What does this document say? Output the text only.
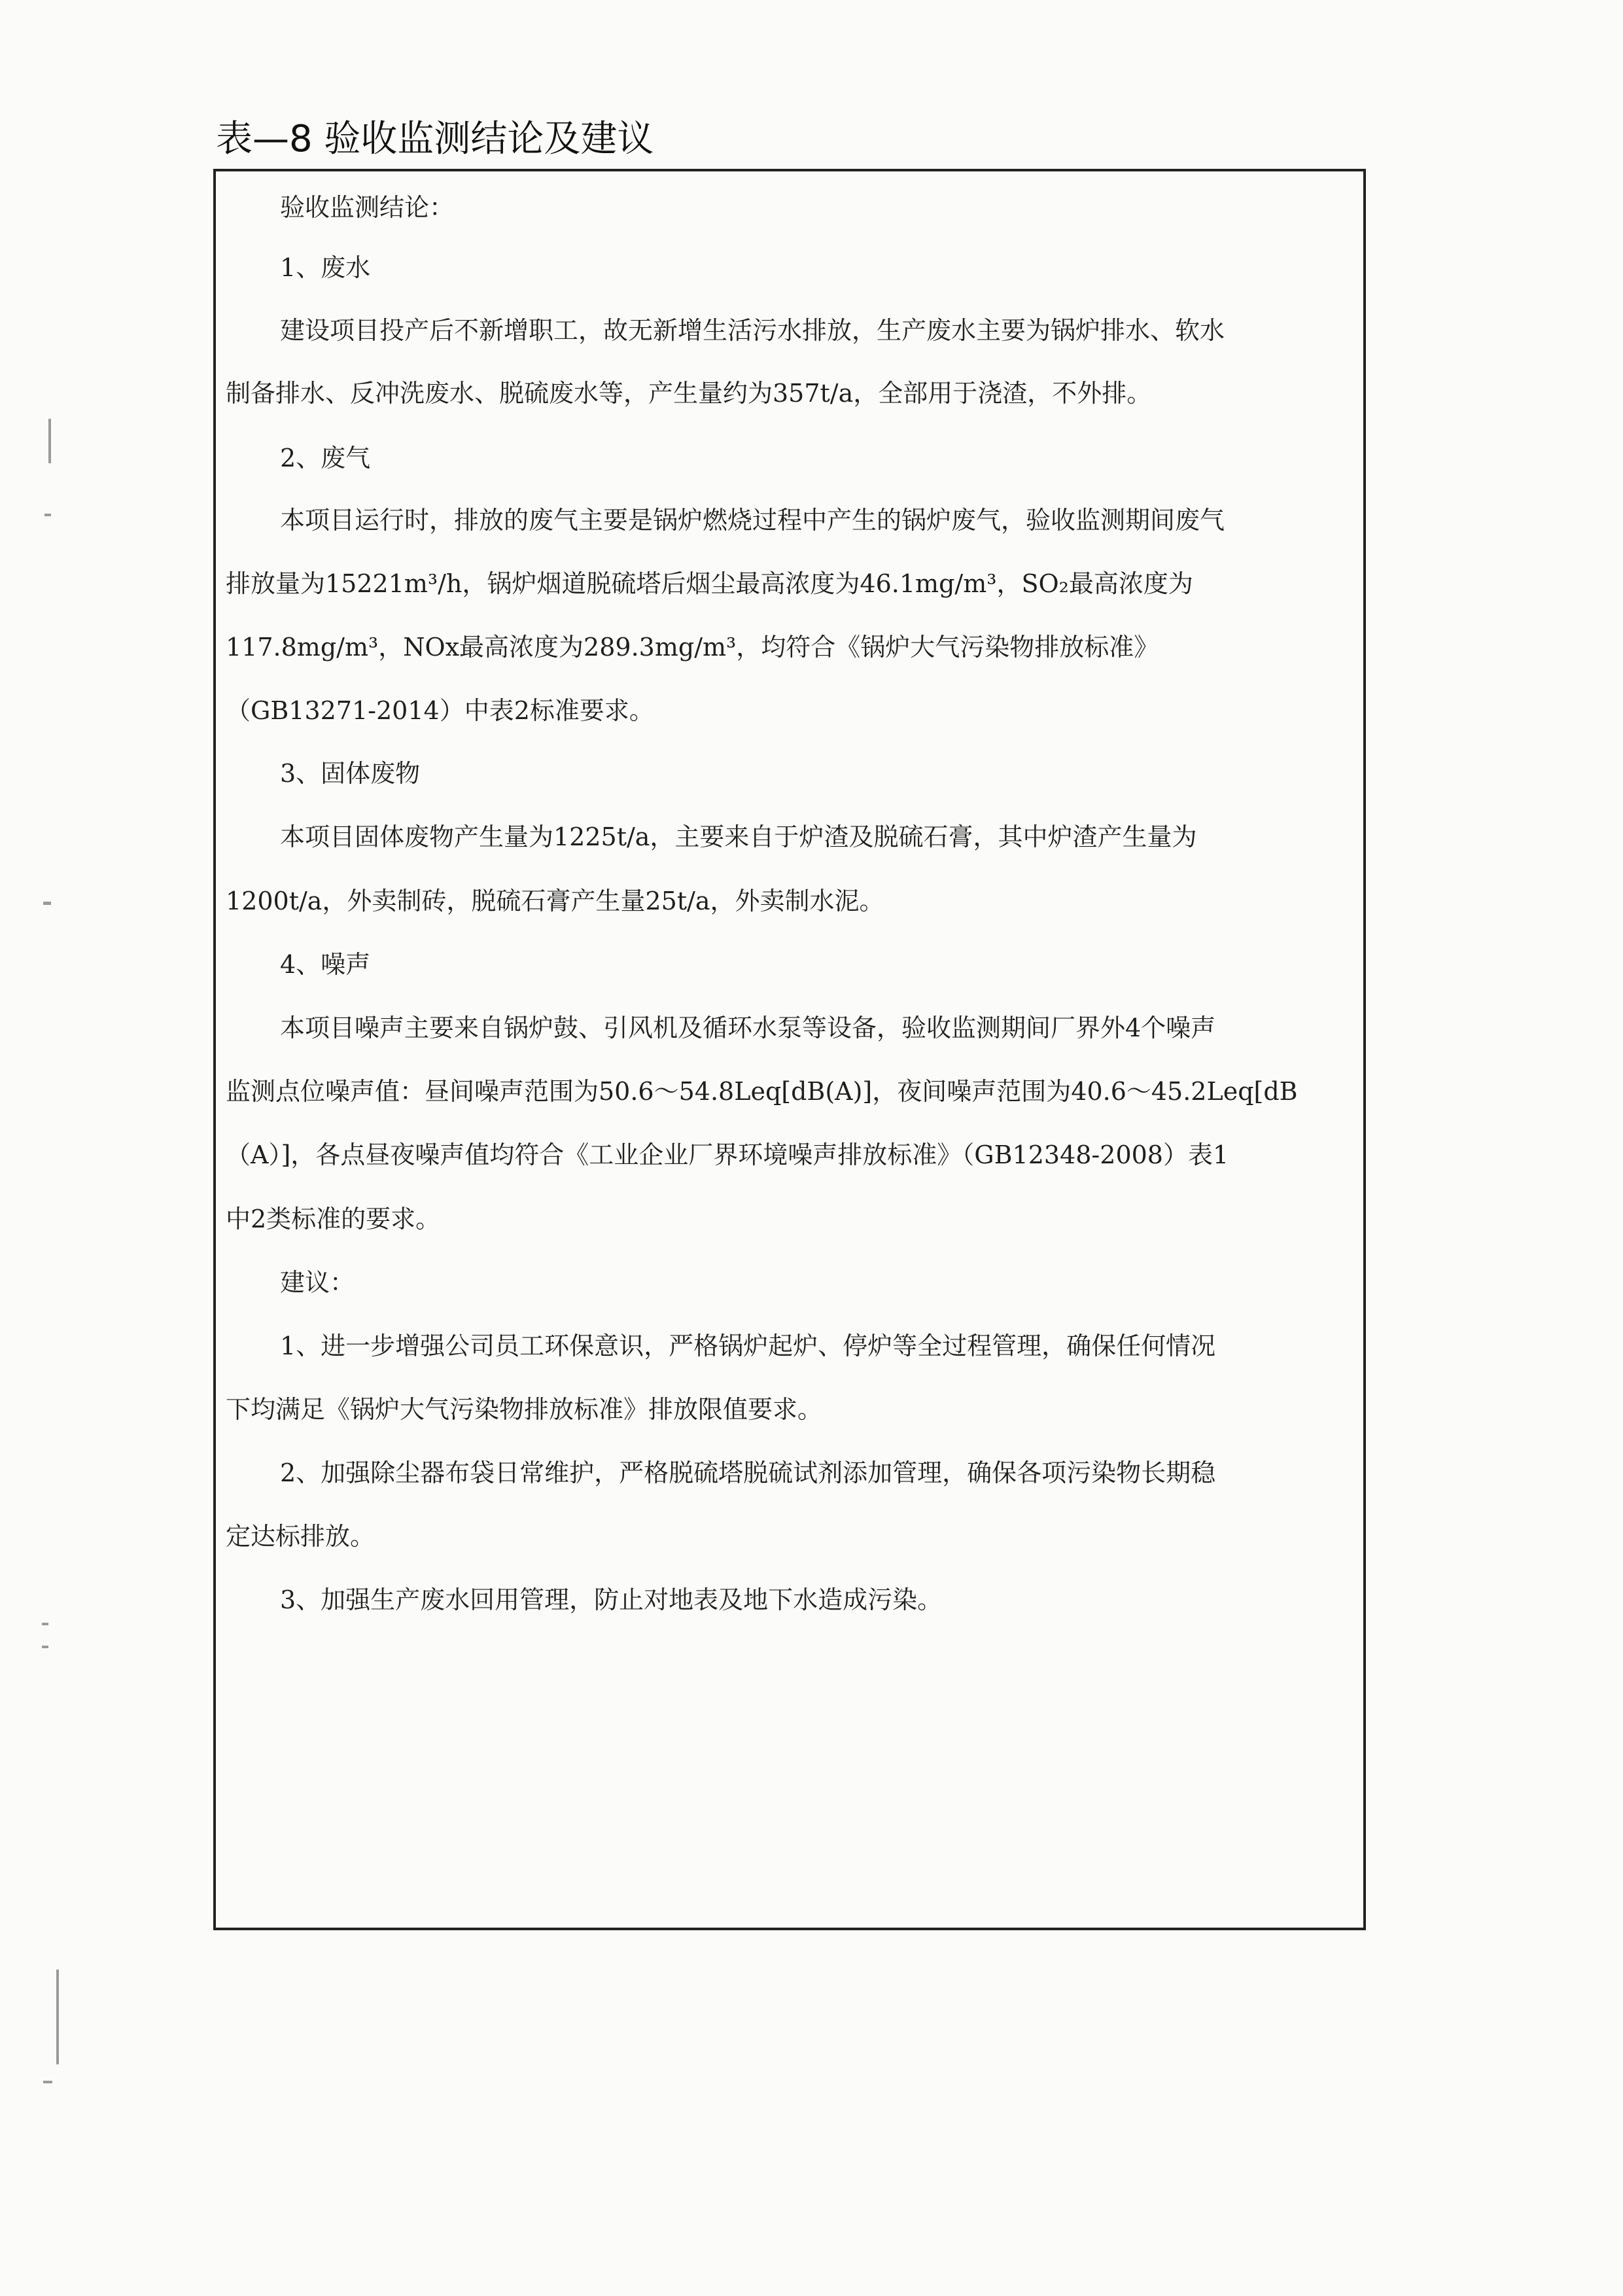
表—8 验收监测结论及建议
验收监测结论：
1、废水
建设项目投产后不新增职工，故无新增生活污水排放，生产废水主要为锅炉排水、软水
制备排水、反冲洗废水、脱硫废水等，产生量约为357t/a，全部用于浇渣，不外排。
2、废气
本项目运行时，排放的废气主要是锅炉燃烧过程中产生的锅炉废气，验收监测期间废气
排放量为15221m³/h，锅炉烟道脱硫塔后烟尘最高浓度为46.1mg/m³，SO₂最高浓度为
117.8mg/m³，NOx最高浓度为289.3mg/m³，均符合《锅炉大气污染物排放标准》
（GB13271-2014）中表2标准要求。
3、固体废物
本项目固体废物产生量为1225t/a，主要来自于炉渣及脱硫石膏，其中炉渣产生量为
1200t/a，外卖制砖，脱硫石膏产生量25t/a，外卖制水泥。
4、噪声
本项目噪声主要来自锅炉鼓、引风机及循环水泵等设备，验收监测期间厂界外4个噪声
监测点位噪声值：昼间噪声范围为50.6～54.8Leq[dB(A)]，夜间噪声范围为40.6～45.2Leq[dB
（A）]，各点昼夜噪声值均符合《工业企业厂界环境噪声排放标准》（GB12348-2008）表1
中2类标准的要求。
建议：
1、进一步增强公司员工环保意识，严格锅炉起炉、停炉等全过程管理，确保任何情况
下均满足《锅炉大气污染物排放标准》排放限值要求。
2、加强除尘器布袋日常维护，严格脱硫塔脱硫试剂添加管理，确保各项污染物长期稳
定达标排放。
3、加强生产废水回用管理，防止对地表及地下水造成污染。
